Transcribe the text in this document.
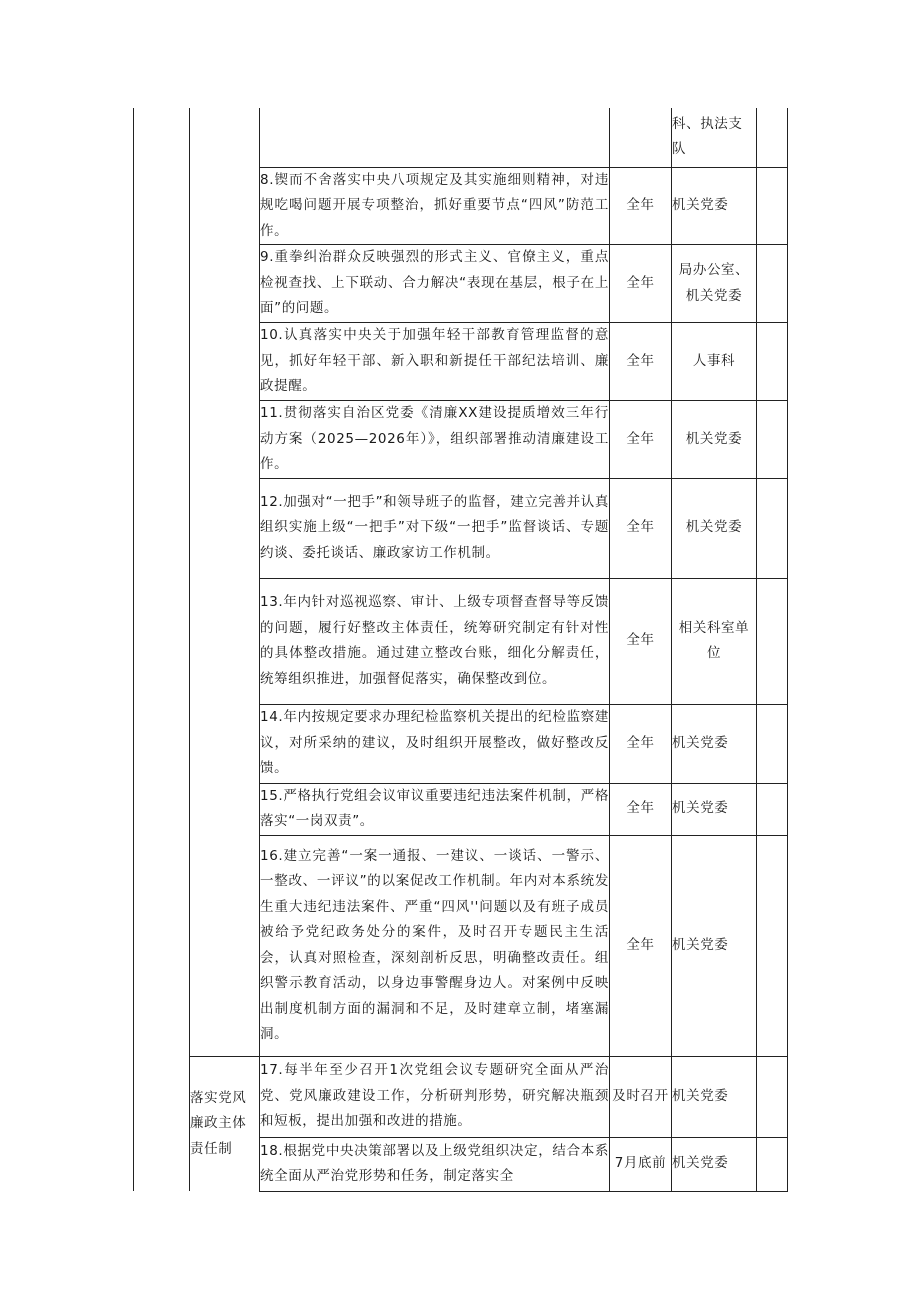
				科、执法支队	
		8.锲而不舍落实中央八项规定及其实施细则精神，对违规吃喝问题开展专项整治，抓好重要节点“四风”防范工作。	全年	机关党委	
		9.重拳纠治群众反映强烈的形式主义、官僚主义，重点检视查找、上下联动、合力解决“表现在基层，根子在上面”的问题。	全年	局办公室、机关党委	
		10.认真落实中央关于加强年轻干部教育管理监督的意见，抓好年轻干部、新入职和新提任干部纪法培训、廉政提醒。	全年	人事科	
		11.贯彻落实自治区党委《清廉XX建设提质增效三年行动方案（2025—2026年）》，组织部署推动清廉建设工作。	全年	机关党委	
		12.加强对“一把手”和领导班子的监督，建立完善并认真组织实施上级“一把手”对下级“一把手”监督谈话、专题约谈、委托谈话、廉政家访工作机制。	全年	机关党委	
		13.年内针对巡视巡察、审计、上级专项督查督导等反馈的问题，履行好整改主体责任，统筹研究制定有针对性的具体整改措施。通过建立整改台账，细化分解责任，统筹组织推进，加强督促落实，确保整改到位。	全年	相关科室单位	
		14.年内按规定要求办理纪检监察机关提出的纪检监察建议，对所采纳的建议，及时组织开展整改，做好整改反馈。	全年	机关党委	
		15.严格执行党组会议审议重要违纪违法案件机制，严格落实“一岗双责”。	全年	机关党委	
		16.建立完善“一案一通报、一建议、一谈话、一警示、一整改、一评议”的以案促改工作机制。年内对本系统发生重大违纪违法案件、严重“四风''问题以及有班子成员被给予党纪政务处分的案件，及时召开专题民主生活会，认真对照检查，深刻剖析反思，明确整改责任。组织警示教育活动，以身边事警醒身边人。对案例中反映出制度机制方面的漏洞和不足，及时建章立制，堵塞漏洞。	全年	机关党委	
	落实党风廉政主体责任制	17.每半年至少召开1次党组会议专题研究全面从严治党、党风廉政建设工作，分析研判形势，研究解决瓶颈和短板，提出加强和改进的措施。	及时召开	机关党委	
		18.根据党中央决策部署以及上级党组织决定，结合本系统全面从严治党形势和任务，制定落实全	7月底前	机关党委	
